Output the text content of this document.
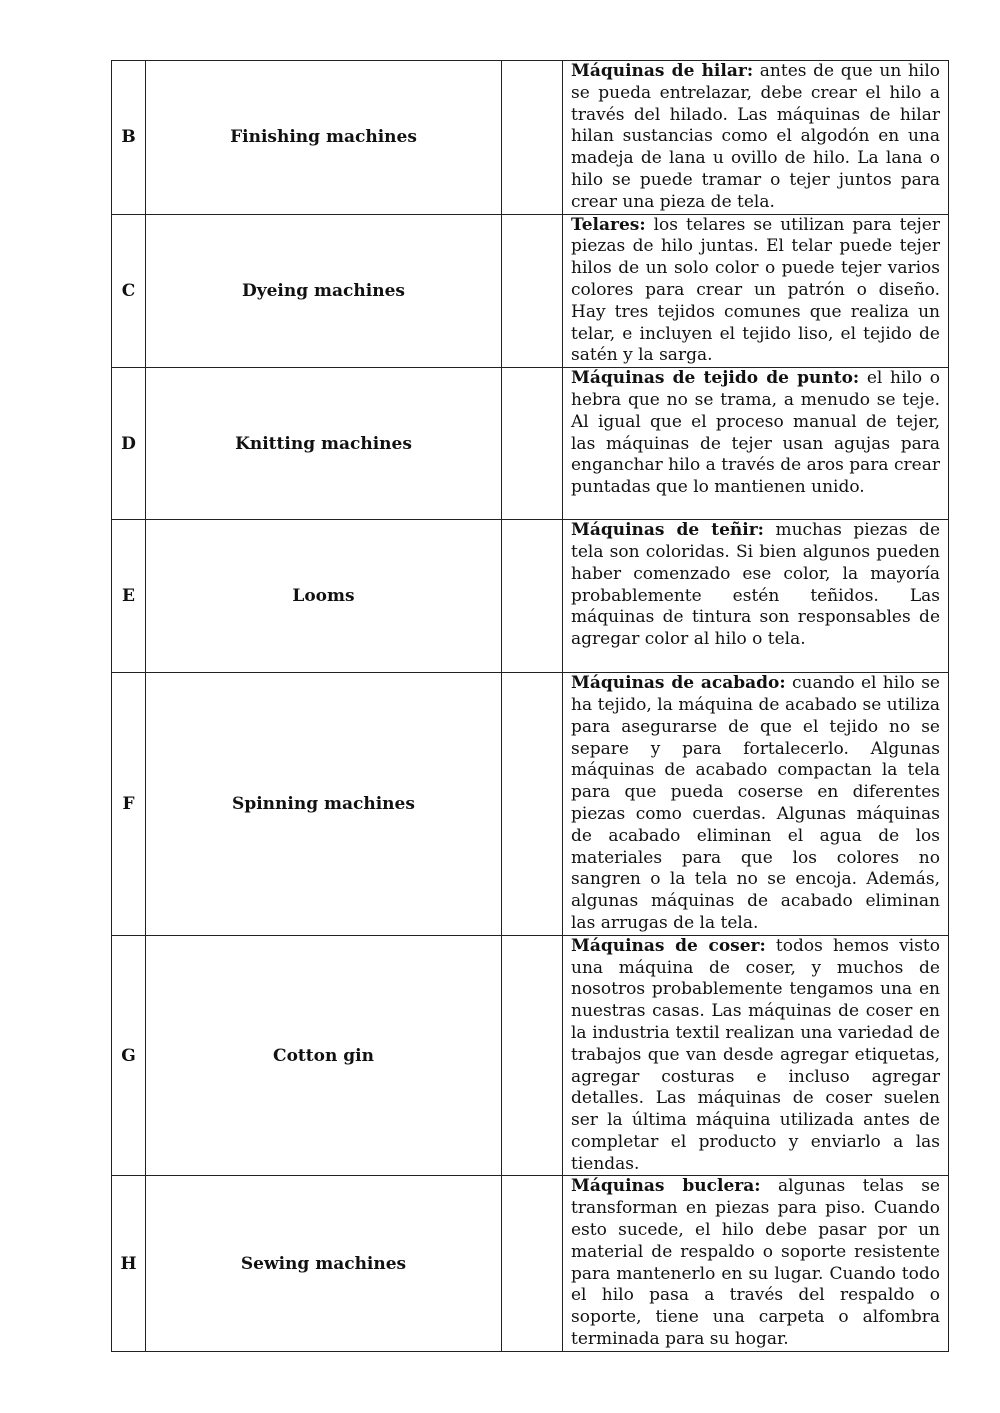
B	Finishing machines		Máquinas de hilar: antes de que un hilo se pueda entrelazar, debe crear el hilo a través del hilado. Las máquinas de hilar hilan sustancias como el algodón en una madeja de lana u ovillo de hilo. La lana o hilo se puede tramar o tejer juntos para crear una pieza de tela.
C	Dyeing machines		Telares: los telares se utilizan para tejer piezas de hilo juntas. El telar puede tejer hilos de un solo color o puede tejer varios colores para crear un patrón o diseño. Hay tres tejidos comunes que realiza un telar, e incluyen el tejido liso, el tejido de satén y la sarga.
D	Knitting machines		Máquinas de tejido de punto: el hilo o hebra que no se trama, a menudo se teje. Al igual que el proceso manual de tejer, las máquinas de tejer usan agujas para enganchar hilo a través de aros para crear puntadas que lo mantienen unido.
E	Looms		Máquinas de teñir: muchas piezas de tela son coloridas. Si bien algunos pueden haber comenzado ese color, la mayoría probablemente estén teñidos. Las máquinas de tintura son responsables de agregar color al hilo o tela.
F	Spinning machines		Máquinas de acabado: cuando el hilo se ha tejido, la máquina de acabado se utiliza para asegurarse de que el tejido no se separe y para fortalecerlo. Algunas máquinas de acabado compactan la tela para que pueda coserse en diferentes piezas como cuerdas. Algunas máquinas de acabado eliminan el agua de los materiales para que los colores no sangren o la tela no se encoja. Además, algunas máquinas de acabado eliminan las arrugas de la tela.
G	Cotton gin		Máquinas de coser: todos hemos visto una máquina de coser, y muchos de nosotros probablemente tengamos una en nuestras casas. Las máquinas de coser en la industria textil realizan una variedad de trabajos que van desde agregar etiquetas, agregar costuras e incluso agregar detalles. Las máquinas de coser suelen ser la última máquina utilizada antes de completar el producto y enviarlo a las tiendas.
H	Sewing machines		Máquinas buclera: algunas telas se transforman en piezas para piso. Cuando esto sucede, el hilo debe pasar por un material de respaldo o soporte resistente para mantenerlo en su lugar. Cuando todo el hilo pasa a través del respaldo o soporte, tiene una carpeta o alfombra terminada para su hogar.
